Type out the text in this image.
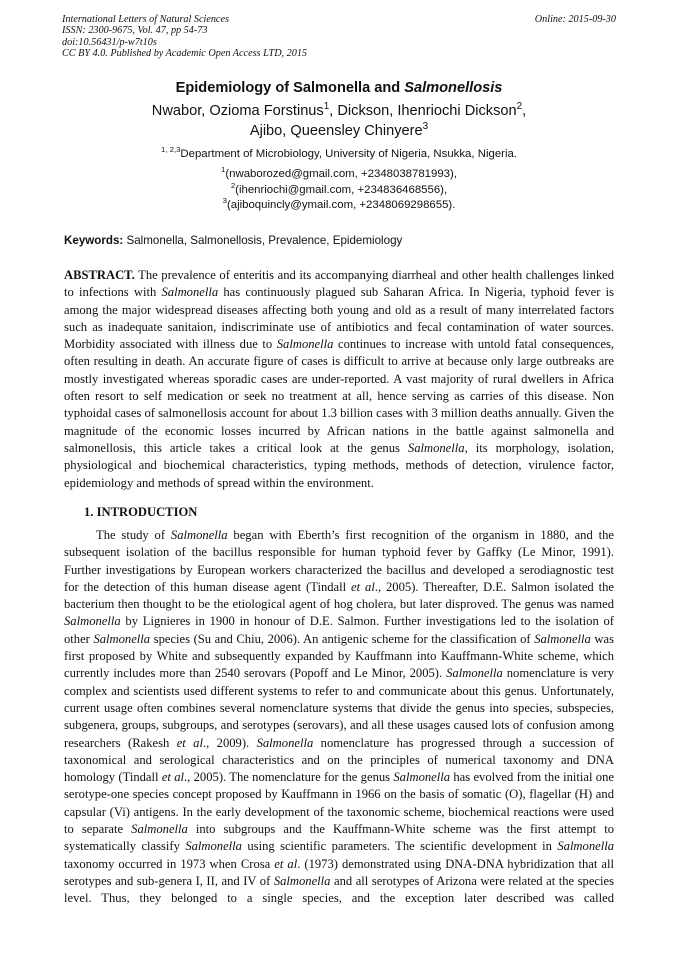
International Letters of Natural Sciences
ISSN: 2300-9675, Vol. 47, pp 54-73
doi:10.56431/p-w7t10s
CC BY 4.0. Published by Academic Open Access LTD, 2015
Online: 2015-09-30
Epidemiology of Salmonella and Salmonellosis
Nwabor, Ozioma Forstinus$^1$, Dickson, Ihenriochi Dickson$^2$,
Ajibo, Queensley Chinyere$^3$
$^{1, 2,3}$Department of Microbiology, University of Nigeria, Nsukka, Nigeria.
$^1$(nwaborozed@gmail.com, +2348038781993),
$^2$(ihenriochi@gmail.com, +234836468556),
$^3$(ajiboquincly@ymail.com, +2348069298655).
Keywords: Salmonella, Salmonellosis, Prevalence, Epidemiology
ABSTRACT. The prevalence of enteritis and its accompanying diarrheal and other health challenges linked to infections with Salmonella has continuously plagued sub Saharan Africa. In Nigeria, typhoid fever is among the major widespread diseases affecting both young and old as a result of many interrelated factors such as inadequate sanitaion, indiscriminate use of antibiotics and fecal contamination of water sources. Morbidity associated with illness due to Salmonella continues to increase with untold fatal consequences, often resulting in death. An accurate figure of cases is difficult to arrive at because only large outbreaks are mostly investigated whereas sporadic cases are under-reported. A vast majority of rural dwellers in Africa often resort to self medication or seek no treatment at all, hence serving as carries of this disease. Non typhoidal cases of salmonellosis account for about 1.3 billion cases with 3 million deaths annually. Given the magnitude of the economic losses incurred by African nations in the battle against salmonella and salmonellosis, this article takes a critical look at the genus Salmonella, its morphology, isolation, physiological and biochemical characteristics, typing methods, methods of detection, virulence factor, epidemiology and methods of spread within the environment.
1. INTRODUCTION
The study of Salmonella began with Eberth’s first recognition of the organism in 1880, and the subsequent isolation of the bacillus responsible for human typhoid fever by Gaffky (Le Minor, 1991). Further investigations by European workers characterized the bacillus and developed a serodiagnostic test for the detection of this human disease agent (Tindall et al., 2005). Thereafter, D.E. Salmon isolated the bacterium then thought to be the etiological agent of hog cholera, but later disproved. The genus was named Salmonella by Lignieres in 1900 in honour of D.E. Salmon. Further investigations led to the isolation of other Salmonella species (Su and Chiu, 2006). An antigenic scheme for the classification of Salmonella was first proposed by White and subsequently expanded by Kauffmann into Kauffmann-White scheme, which currently includes more than 2540 serovars (Popoff and Le Minor, 2005). Salmonella nomenclature is very complex and scientists used different systems to refer to and communicate about this genus. Unfortunately, current usage often combines several nomenclature systems that divide the genus into species, subspecies, subgenera, groups, subgroups, and serotypes (serovars), and all these usages caused lots of confusion among researchers (Rakesh et al., 2009). Salmonella nomenclature has progressed through a succession of taxonomical and serological characteristics and on the principles of numerical taxonomy and DNA homology (Tindall et al., 2005). The nomenclature for the genus Salmonella has evolved from the initial one serotype-one species concept proposed by Kauffmann in 1966 on the basis of somatic (O), flagellar (H) and capsular (Vi) antigens. In the early development of the taxonomic scheme, biochemical reactions were used to separate Salmonella into subgroups and the Kauffmann-White scheme was the first attempt to systematically classify Salmonella using scientific parameters. The scientific development in Salmonella taxonomy occurred in 1973 when Crosa et al. (1973) demonstrated using DNA-DNA hybridization that all serotypes and sub-genera I, II, and IV of Salmonella and all serotypes of Arizona were related at the species level. Thus, they belonged to a single species, and the exception later described was called
